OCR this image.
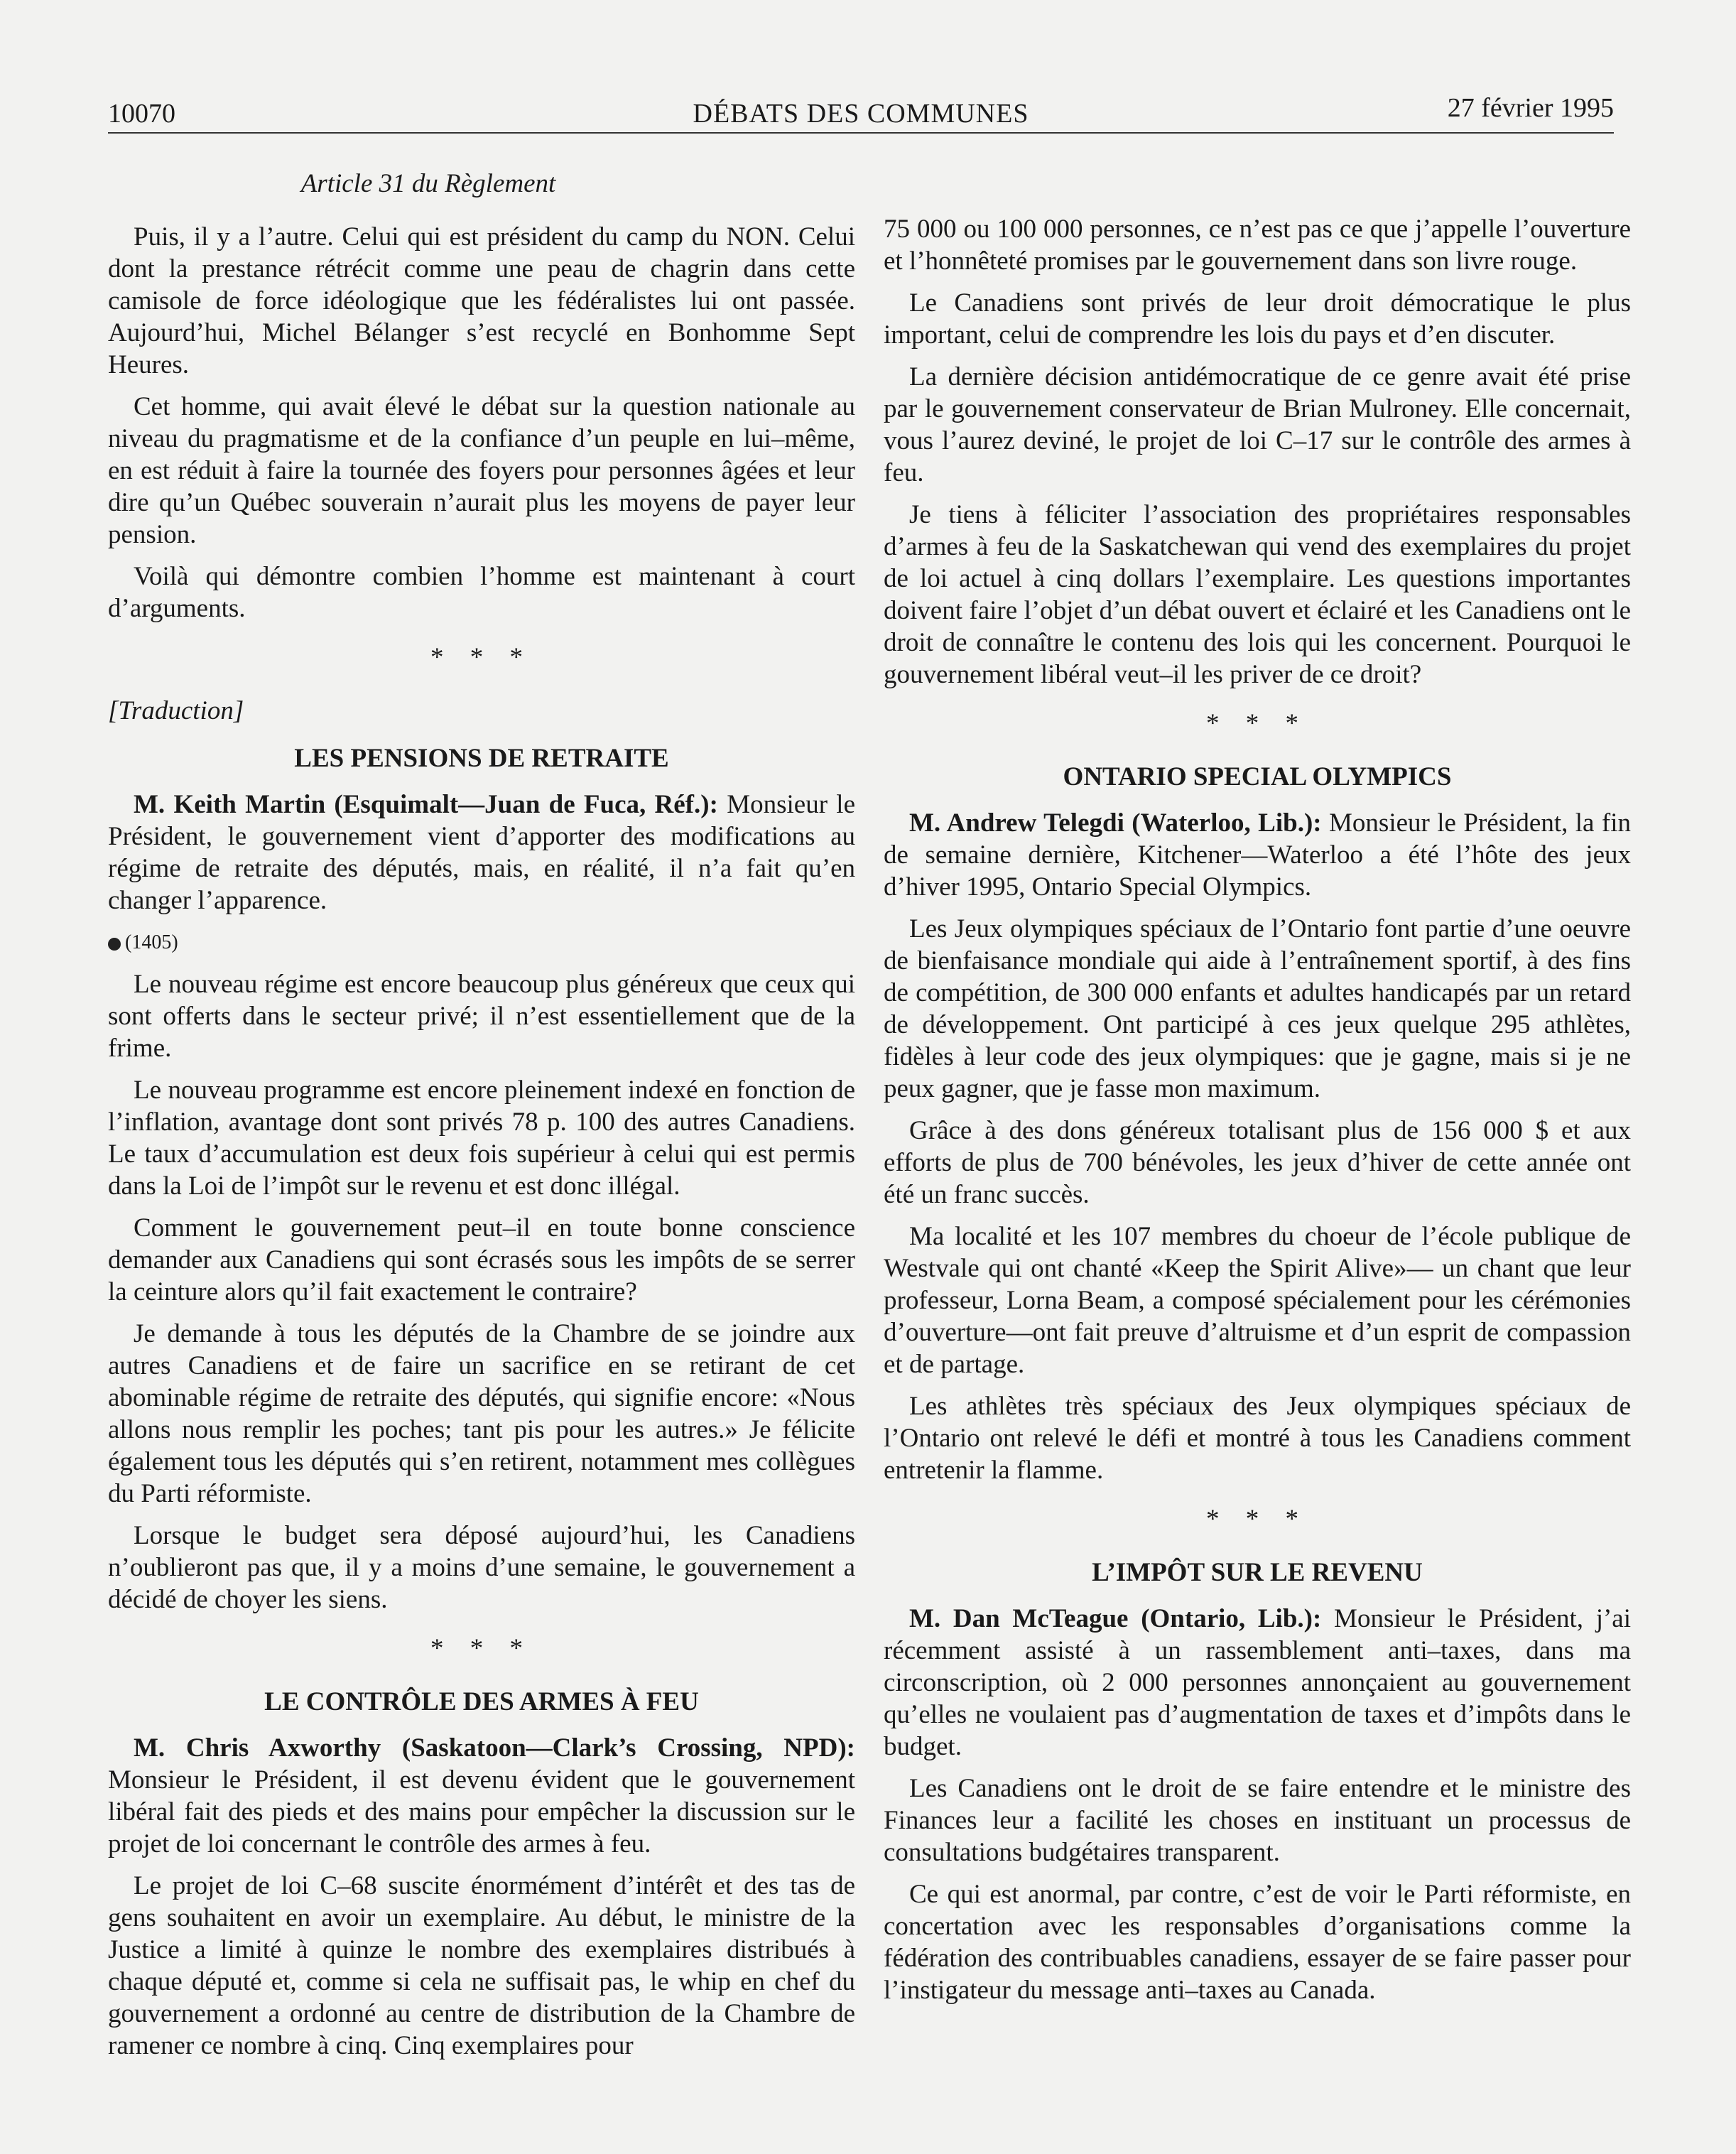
10070	DÉBATS DES COMMUNES	27 février 1995
Article 31 du Règlement

Puis, il y a l’autre. Celui qui est président du camp du NON. Celui dont la prestance rétrécit comme une peau de chagrin dans cette camisole de force idéologique que les fédéralistes lui ont passée. Aujourd’hui, Michel Bélanger s’est recyclé en Bonhomme Sept Heures.

Cet homme, qui avait élevé le débat sur la question nationale au niveau du pragmatisme et de la confiance d’un peuple en lui–même, en est réduit à faire la tournée des foyers pour personnes âgées et leur dire qu’un Québec souverain n’aurait plus les moyens de payer leur pension.

Voilà qui démontre combien l’homme est maintenant à court d’arguments.

* * *
[Traduction]
LES PENSIONS DE RETRAITE

M. Keith Martin (Esquimalt—Juan de Fuca, Réf.): Monsieur le Président, le gouvernement vient d’apporter des modifications au régime de retraite des députés, mais, en réalité, il n’a fait qu’en changer l’apparence.

(1405)

Le nouveau régime est encore beaucoup plus généreux que ceux qui sont offerts dans le secteur privé; il n’est essentiellement que de la frime.

Le nouveau programme est encore pleinement indexé en fonction de l’inflation, avantage dont sont privés 78 p. 100 des autres Canadiens. Le taux d’accumulation est deux fois supérieur à celui qui est permis dans la Loi de l’impôt sur le revenu et est donc illégal.

Comment le gouvernement peut–il en toute bonne conscience demander aux Canadiens qui sont écrasés sous les impôts de se serrer la ceinture alors qu’il fait exactement le contraire?

Je demande à tous les députés de la Chambre de se joindre aux autres Canadiens et de faire un sacrifice en se retirant de cet abominable régime de retraite des députés, qui signifie encore: «Nous allons nous remplir les poches; tant pis pour les autres.» Je félicite également tous les députés qui s’en retirent, notamment mes collègues du Parti réformiste.

Lorsque le budget sera déposé aujourd’hui, les Canadiens n’oublieront pas que, il y a moins d’une semaine, le gouvernement a décidé de choyer les siens.

* * *
LE CONTRÔLE DES ARMES À FEU

M. Chris Axworthy (Saskatoon—Clark’s Crossing, NPD): Monsieur le Président, il est devenu évident que le gouvernement libéral fait des pieds et des mains pour empêcher la discussion sur le projet de loi concernant le contrôle des armes à feu.

Le projet de loi C–68 suscite énormément d’intérêt et des tas de gens souhaitent en avoir un exemplaire. Au début, le ministre de la Justice a limité à quinze le nombre des exemplaires distribués à chaque député et, comme si cela ne suffisait pas, le whip en chef du gouvernement a ordonné au centre de distribution de la Chambre de ramener ce nombre à cinq. Cinq exemplaires pour

75 000 ou 100 000 personnes, ce n’est pas ce que j’appelle l’ouverture et l’honnêteté promises par le gouvernement dans son livre rouge.

Le Canadiens sont privés de leur droit démocratique le plus important, celui de comprendre les lois du pays et d’en discuter.

La dernière décision antidémocratique de ce genre avait été prise par le gouvernement conservateur de Brian Mulroney. Elle concernait, vous l’aurez deviné, le projet de loi C–17 sur le contrôle des armes à feu.

Je tiens à féliciter l’association des propriétaires responsables d’armes à feu de la Saskatchewan qui vend des exemplaires du projet de loi actuel à cinq dollars l’exemplaire. Les questions importantes doivent faire l’objet d’un débat ouvert et éclairé et les Canadiens ont le droit de connaître le contenu des lois qui les concernent. Pourquoi le gouvernement libéral veut–il les priver de ce droit?

* * *
ONTARIO SPECIAL OLYMPICS

M. Andrew Telegdi (Waterloo, Lib.): Monsieur le Président, la fin de semaine dernière, Kitchener—Waterloo a été l’hôte des jeux d’hiver 1995, Ontario Special Olympics.

Les Jeux olympiques spéciaux de l’Ontario font partie d’une oeuvre de bienfaisance mondiale qui aide à l’entraînement sportif, à des fins de compétition, de 300 000 enfants et adultes handicapés par un retard de développement. Ont participé à ces jeux quelque 295 athlètes, fidèles à leur code des jeux olympiques: que je gagne, mais si je ne peux gagner, que je fasse mon maximum.

Grâce à des dons généreux totalisant plus de 156 000 $ et aux efforts de plus de 700 bénévoles, les jeux d’hiver de cette année ont été un franc succès.

Ma localité et les 107 membres du choeur de l’école publique de Westvale qui ont chanté «Keep the Spirit Alive»— un chant que leur professeur, Lorna Beam, a composé spécialement pour les cérémonies d’ouverture—ont fait preuve d’altruisme et d’un esprit de compassion et de partage.

Les athlètes très spéciaux des Jeux olympiques spéciaux de l’Ontario ont relevé le défi et montré à tous les Canadiens comment entretenir la flamme.

* * *
L’IMPÔT SUR LE REVENU

M. Dan McTeague (Ontario, Lib.): Monsieur le Président, j’ai récemment assisté à un rassemblement anti–taxes, dans ma circonscription, où 2 000 personnes annonçaient au gouvernement qu’elles ne voulaient pas d’augmentation de taxes et d’impôts dans le budget.

Les Canadiens ont le droit de se faire entendre et le ministre des Finances leur a facilité les choses en instituant un processus de consultations budgétaires transparent.

Ce qui est anormal, par contre, c’est de voir le Parti réformiste, en concertation avec les responsables d’organisations comme la fédération des contribuables canadiens, essayer de se faire passer pour l’instigateur du message anti–taxes au Canada.
